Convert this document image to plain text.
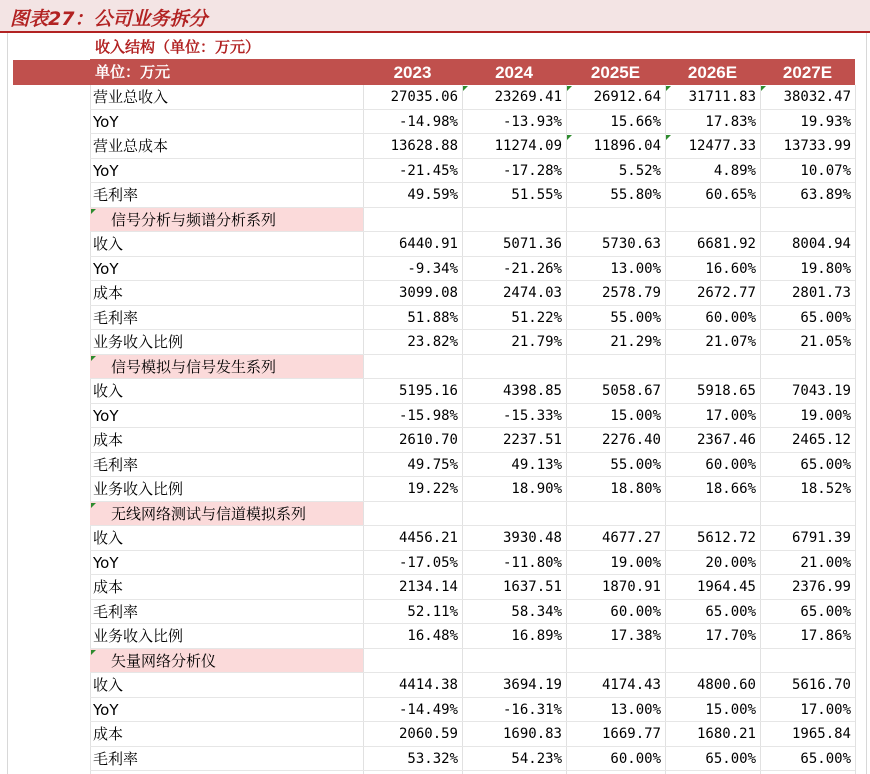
图表27：公司业务拆分
收入结构（单位：万元）
单位：万元	2023	2024	2025E	2026E	2027E
营业总收入	27035.06	23269.41	26912.64	31711.83	38032.47
YoY	-14.98%	-13.93%	15.66%	17.83%	19.93%
营业总成本	13628.88	11274.09	11896.04	12477.33	13733.99
YoY	-21.45%	-17.28%	5.52%	4.89%	10.07%
毛利率	49.59%	51.55%	55.80%	60.65%	63.89%
信号分析与频谱分析系列
收入	6440.91	5071.36	5730.63	6681.92	8004.94
YoY	-9.34%	-21.26%	13.00%	16.60%	19.80%
成本	3099.08	2474.03	2578.79	2672.77	2801.73
毛利率	51.88%	51.22%	55.00%	60.00%	65.00%
业务收入比例	23.82%	21.79%	21.29%	21.07%	21.05%
信号模拟与信号发生系列
收入	5195.16	4398.85	5058.67	5918.65	7043.19
YoY	-15.98%	-15.33%	15.00%	17.00%	19.00%
成本	2610.70	2237.51	2276.40	2367.46	2465.12
毛利率	49.75%	49.13%	55.00%	60.00%	65.00%
业务收入比例	19.22%	18.90%	18.80%	18.66%	18.52%
无线网络测试与信道模拟系列
收入	4456.21	3930.48	4677.27	5612.72	6791.39
YoY	-17.05%	-11.80%	19.00%	20.00%	21.00%
成本	2134.14	1637.51	1870.91	1964.45	2376.99
毛利率	52.11%	58.34%	60.00%	65.00%	65.00%
业务收入比例	16.48%	16.89%	17.38%	17.70%	17.86%
矢量网络分析仪
收入	4414.38	3694.19	4174.43	4800.60	5616.70
YoY	-14.49%	-16.31%	13.00%	15.00%	17.00%
成本	2060.59	1690.83	1669.77	1680.21	1965.84
毛利率	53.32%	54.23%	60.00%	65.00%	65.00%
